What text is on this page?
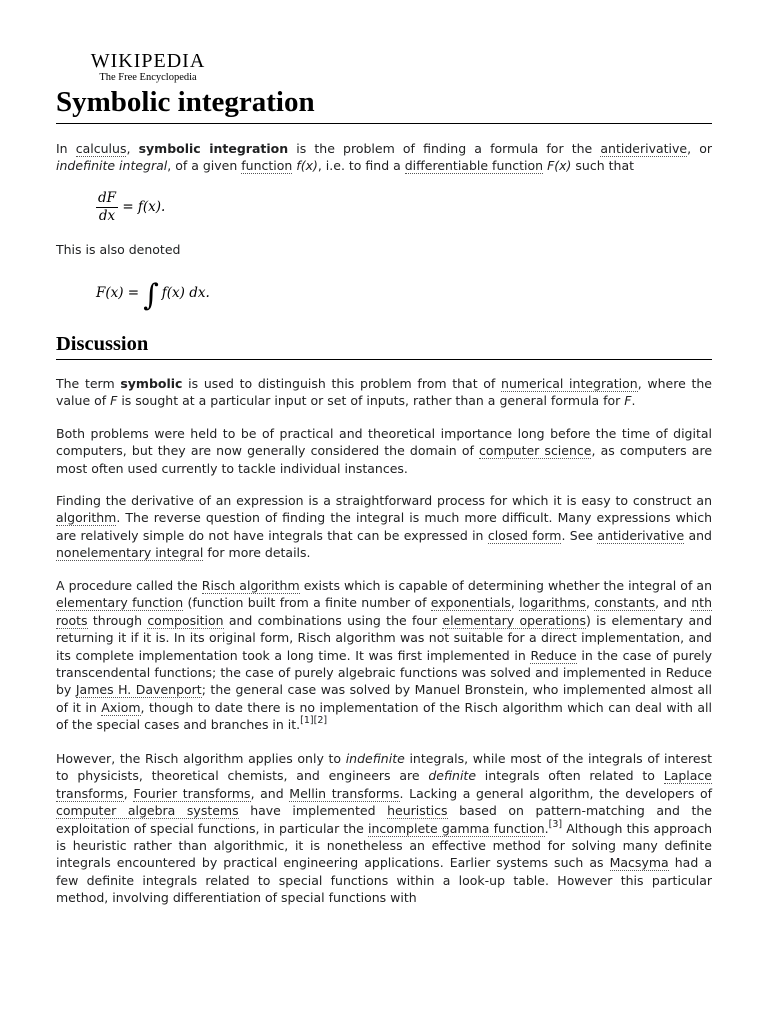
WIKIPEDIA
The Free Encyclopedia
Symbolic integration

In calculus, symbolic integration is the problem of finding a formula for the antiderivative, or indefinite integral, of a given function f(x), i.e. to find a differentiable function F(x) such that

$\frac{dF}{dx} = f(x)$.

This is also denoted

F(x) = ∫ f(x) dx.
Discussion

The term symbolic is used to distinguish this problem from that of numerical integration, where the value of F is sought at a particular input or set of inputs, rather than a general formula for F.

Both problems were held to be of practical and theoretical importance long before the time of digital computers, but they are now generally considered the domain of computer science, as computers are most often used currently to tackle individual instances.

Finding the derivative of an expression is a straightforward process for which it is easy to construct an algorithm. The reverse question of finding the integral is much more difficult. Many expressions which are relatively simple do not have integrals that can be expressed in closed form. See antiderivative and nonelementary integral for more details.

A procedure called the Risch algorithm exists which is capable of determining whether the integral of an elementary function (function built from a finite number of exponentials, logarithms, constants, and nth roots through composition and combinations using the four elementary operations) is elementary and returning it if it is. In its original form, Risch algorithm was not suitable for a direct implementation, and its complete implementation took a long time. It was first implemented in Reduce in the case of purely transcendental functions; the case of purely algebraic functions was solved and implemented in Reduce by James H. Davenport; the general case was solved by Manuel Bronstein, who implemented almost all of it in Axiom, though to date there is no implementation of the Risch algorithm which can deal with all of the special cases and branches in it.[1][2]

However, the Risch algorithm applies only to indefinite integrals, while most of the integrals of interest to physicists, theoretical chemists, and engineers are definite integrals often related to Laplace transforms, Fourier transforms, and Mellin transforms. Lacking a general algorithm, the developers of computer algebra systems have implemented heuristics based on pattern-matching and the exploitation of special functions, in particular the incomplete gamma function.[3] Although this approach is heuristic rather than algorithmic, it is nonetheless an effective method for solving many definite integrals encountered by practical engineering applications. Earlier systems such as Macsyma had a few definite integrals related to special functions within a look-up table. However this particular method, involving differentiation of special functions with
